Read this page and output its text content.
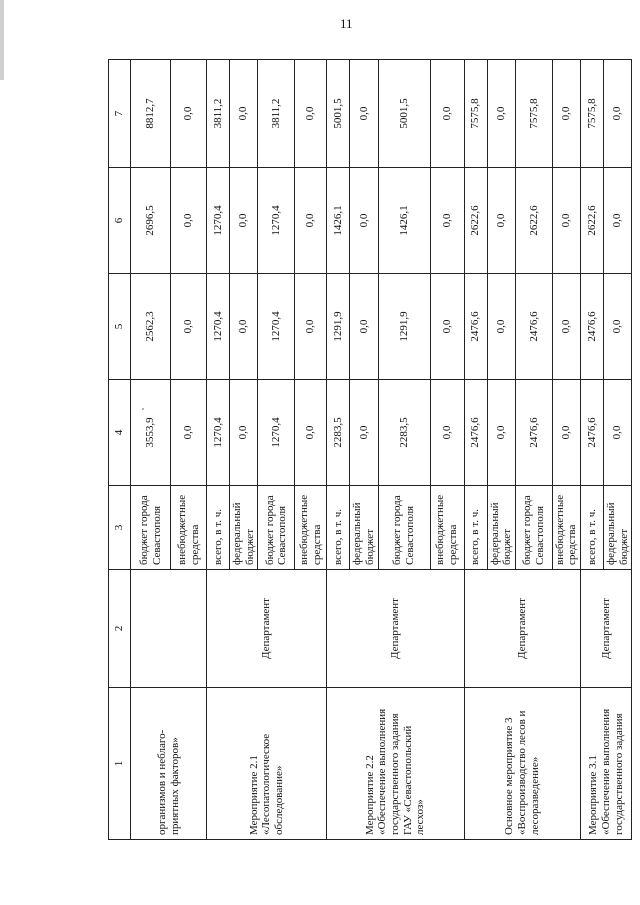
11
1	2	3	4	5	6	7
организмов и неблаго-приятных факторов»		бюджет города Севастополя	3553,9	2562,3	2696,5	8812,7
		внебюджетные средства	0,0	0,0	0,0	0,0
Мероприятие 2.1 «Лесопатологическое обследование»	Департамент	всего, в т. ч.	1270,4	1270,4	1270,4	3811,2
		федеральный бюджет	0,0	0,0	0,0	0,0
		бюджет города Севастополя	1270,4	1270,4	1270,4	3811,2
		внебюджетные средства	0,0	0,0	0,0	0,0
Мероприятие 2.2 «Обеспечение выполнения государственного задания ГАУ «Севастопольский лесхоз»	Департамент	всего, в т. ч.	2283,5	1291,9	1426,1	5001,5
		федеральный бюджет	0,0	0,0	0,0	0,0
		бюджет города Севастополя	2283,5	1291,9	1426,1	5001,5
		внебюджетные средства	0,0	0,0	0,0	0,0
Основное мероприятие 3 «Воспроизводство лесов и лесоразведение»	Департамент	всего, в т. ч.	2476,6	2476,6	2622,6	7575,8
		федеральный бюджет	0,0	0,0	0,0	0,0
		бюджет города Севастополя	2476,6	2476,6	2622,6	7575,8
		внебюджетные средства	0,0	0,0	0,0	0,0
Мероприятие 3.1 «Обеспечение выполнения государственного задания	Департамент	всего, в т. ч.	2476,6	2476,6	2622,6	7575,8
		федеральный бюджет	0,0	0,0	0,0	0,0
